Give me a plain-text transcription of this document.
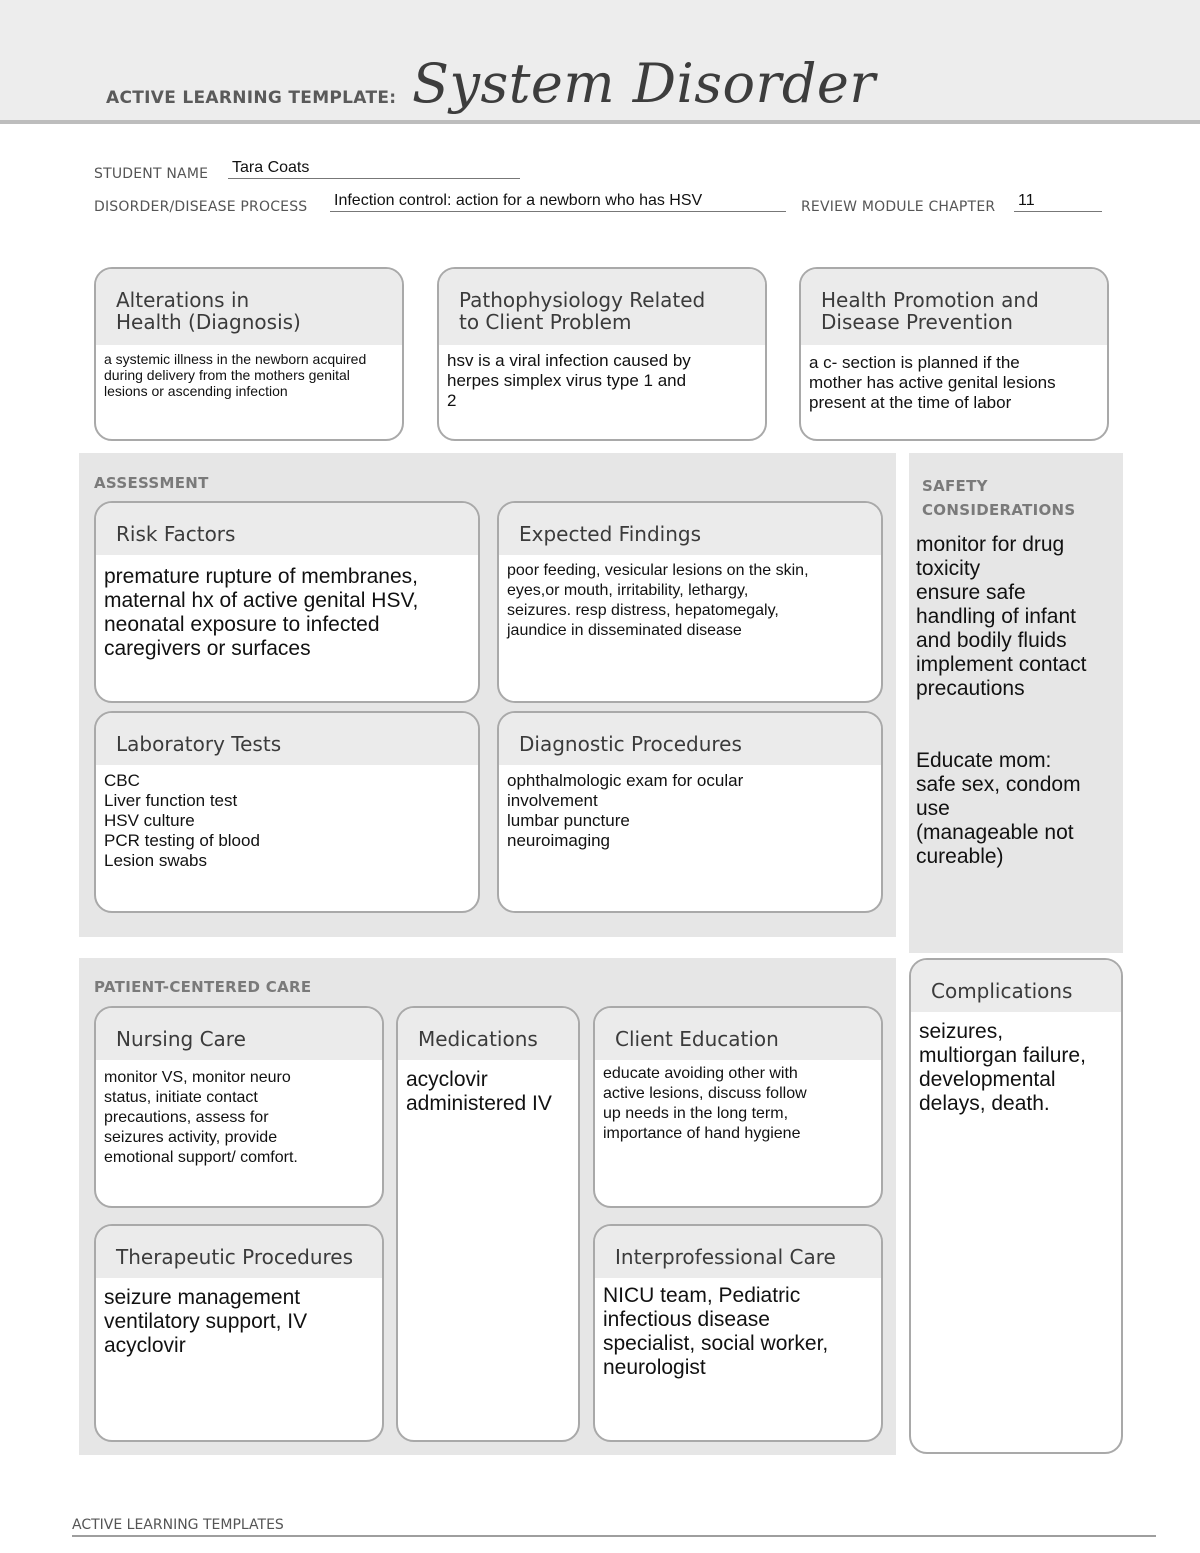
ACTIVE LEARNING TEMPLATE: System Disorder
STUDENT NAME Tara Coats
DISORDER/DISEASE PROCESS Infection control: action for a newborn who has HSV	REVIEW MODULE CHAPTER 11
Alterations in
Health (Diagnosis)
a systemic illness in the newborn acquired
during delivery from the mothers genital
lesions or ascending infection
Pathophysiology Related
to Client Problem
hsv is a viral infection caused by
herpes simplex virus type 1 and
2
Health Promotion and
Disease Prevention
a c- section is planned if the
mother has active genital lesions
present at the time of labor
ASSESSMENT
Risk Factors
premature rupture of membranes,
maternal hx of active genital HSV,
neonatal exposure to infected
caregivers or surfaces
Expected Findings
poor feeding, vesicular lesions on the skin,
eyes,or mouth, irritability, lethargy,
seizures. resp distress, hepatomegaly,
jaundice in disseminated disease
Laboratory Tests
CBC
Liver function test
HSV culture
PCR testing of blood
Lesion swabs
Diagnostic Procedures
ophthalmologic exam for ocular
involvement
lumbar puncture
neuroimaging
SAFETY
CONSIDERATIONS
monitor for drug
toxicity
ensure safe
handling of infant
and bodily fluids
implement contact
precautions

Educate mom:
safe sex, condom
use
(manageable not
cureable)
PATIENT-CENTERED CARE
Nursing Care
monitor VS, monitor neuro
status, initiate contact
precautions, assess for
seizures activity, provide
emotional support/ comfort.
Medications
acyclovir
administered IV
Client Education
educate avoiding other with
active lesions, discuss follow
up needs in the long term,
importance of hand hygiene
Therapeutic Procedures
seizure management
ventilatory support, IV
acyclovir
Interprofessional Care
NICU team, Pediatric
infectious disease
specialist, social worker,
neurologist
Complications
seizures,
multiorgan failure,
developmental
delays, death.
ACTIVE LEARNING TEMPLATES
